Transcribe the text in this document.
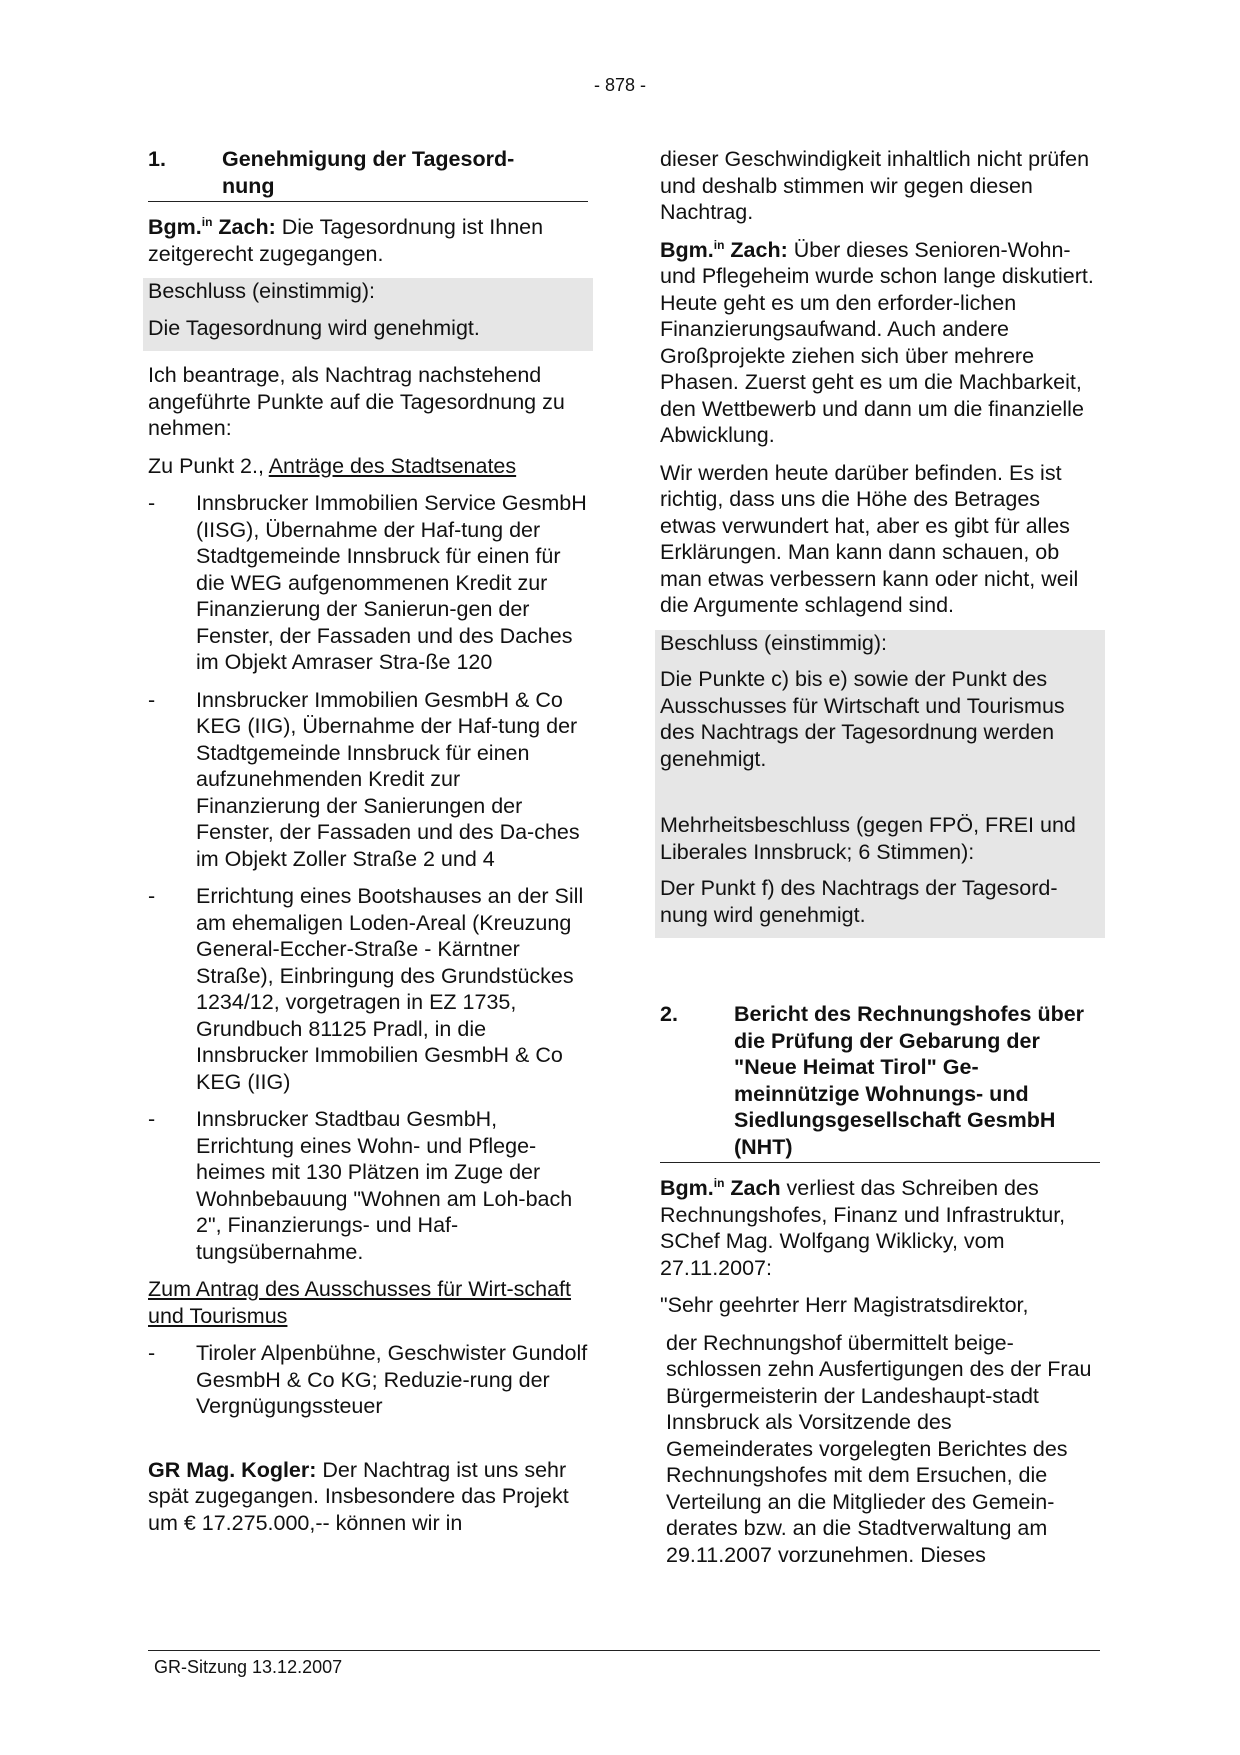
- 878 -
1.	Genehmigung der Tagesord-
nung

Bgm.$^{in}$ Zach: Die Tagesordnung ist Ihnen zeitgerecht zugegangen.

Beschluss (einstimmig):

Die Tagesordnung wird genehmigt.

Ich beantrage, als Nachtrag nachstehend angeführte Punkte auf die Tagesordnung zu nehmen:

Zu Punkt 2., Anträge des Stadtsenates

-	Innsbrucker Immobilien Service GesmbH (IISG), Übernahme der Haf-tung der Stadtgemeinde Innsbruck für einen für die WEG aufgenommenen Kredit zur Finanzierung der Sanierun-gen der Fenster, der Fassaden und des Daches im Objekt Amraser Stra-ße 120
-	Innsbrucker Immobilien GesmbH & Co KEG (IIG), Übernahme der Haf-tung der Stadtgemeinde Innsbruck für einen aufzunehmenden Kredit zur Finanzierung der Sanierungen der Fenster, der Fassaden und des Da-ches im Objekt Zoller Straße 2 und 4
-	Errichtung eines Bootshauses an der Sill am ehemaligen Loden-Areal (Kreuzung General-Eccher-Straße - Kärntner Straße), Einbringung des Grundstückes 1234/12, vorgetragen in EZ 1735, Grundbuch 81125 Pradl, in die Innsbrucker Immobilien GesmbH & Co KEG (IIG)
-	Innsbrucker Stadtbau GesmbH, Errichtung eines Wohn- und Pflege-heimes mit 130 Plätzen im Zuge der Wohnbebauung "Wohnen am Loh-bach 2", Finanzierungs- und Haf-tungsübernahme.

Zum Antrag des Ausschusses für Wirt-schaft und Tourismus

-	Tiroler Alpenbühne, Geschwister Gundolf GesmbH & Co KG; Reduzie-rung der Vergnügungssteuer

GR Mag. Kogler: Der Nachtrag ist uns sehr spät zugegangen. Insbesondere das Projekt um € 17.275.000,-- können wir in

dieser Geschwindigkeit inhaltlich nicht prüfen und deshalb stimmen wir gegen diesen Nachtrag.

Bgm.$^{in}$ Zach: Über dieses Senioren-Wohn- und Pflegeheim wurde schon lange diskutiert. Heute geht es um den erforder-lichen Finanzierungsaufwand. Auch andere Großprojekte ziehen sich über mehrere Phasen. Zuerst geht es um die Machbarkeit, den Wettbewerb und dann um die finanzielle Abwicklung.

Wir werden heute darüber befinden. Es ist richtig, dass uns die Höhe des Betrages etwas verwundert hat, aber es gibt für alles Erklärungen. Man kann dann schauen, ob man etwas verbessern kann oder nicht, weil die Argumente schlagend sind.

Beschluss (einstimmig):

Die Punkte c) bis e) sowie der Punkt des Ausschusses für Wirtschaft und Tourismus des Nachtrags der Tagesordnung werden genehmigt.

Mehrheitsbeschluss (gegen FPÖ, FREI und Liberales Innsbruck; 6 Stimmen):

Der Punkt f) des Nachtrags der Tagesord-nung wird genehmigt.

2.	Bericht des Rechnungshofes über die Prüfung der Gebarung der "Neue Heimat Tirol" Ge-meinnützige Wohnungs- und Siedlungsgesellschaft GesmbH (NHT)

Bgm.$^{in}$ Zach verliest das Schreiben des Rechnungshofes, Finanz und Infrastruktur, SChef Mag. Wolfgang Wiklicky, vom 27.11.2007:

"Sehr geehrter Herr Magistratsdirektor,

der Rechnungshof übermittelt beige-schlossen zehn Ausfertigungen des der Frau Bürgermeisterin der Landeshaupt-stadt Innsbruck als Vorsitzende des Gemeinderates vorgelegten Berichtes des Rechnungshofes mit dem Ersuchen, die Verteilung an die Mitglieder des Gemein-derates bzw. an die Stadtverwaltung am 29.11.2007 vorzunehmen. Dieses

GR-Sitzung 13.12.2007
